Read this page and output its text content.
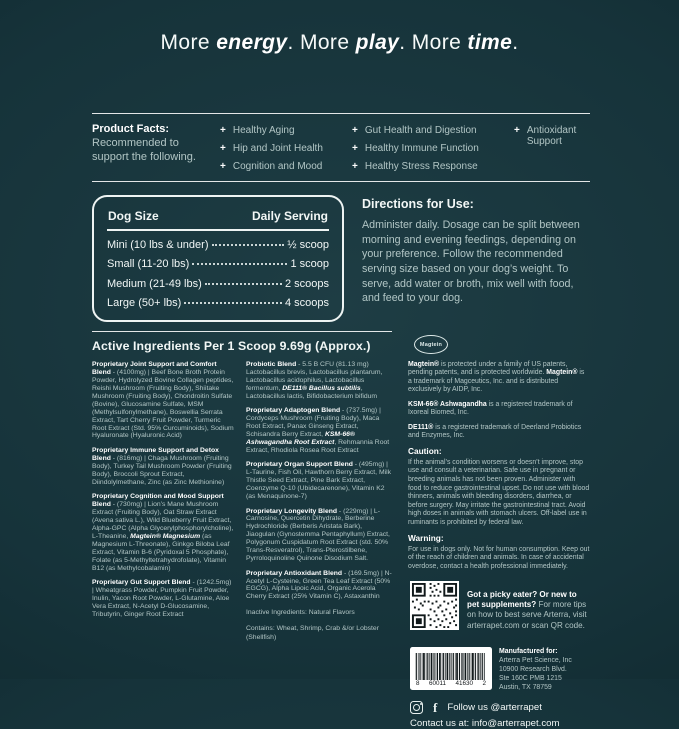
More energy. More play. More time.
Product Facts:
Recommended to support the following.
+ Healthy Aging
+ Hip and Joint Health
+ Cognition and Mood
+ Gut Health and Digestion
+ Healthy Immune Function
+ Healthy Stress Response
+ Antioxidant Support
Dog Size	Daily Serving
Mini (10 lbs & under)	½ scoop
Small (11-20 lbs)	1 scoop
Medium (21-49 lbs)	2 scoops
Large (50+ lbs)	4 scoops

Directions for Use:

Administer daily. Dosage can be split between morning and evening feedings, depending on your preference. Follow the recommended serving size based on your dog’s weight. To serve, add water or broth, mix well with food, and feed to your dog.

Active Ingredients Per 1 Scoop 9.69g (Approx.)

Proprietary Joint Support and Comfort Blend - (4100mg) | Beef Bone Broth Protein Powder, Hydrolyzed Bovine Collagen peptides, Reishi Mushroom (Fruiting Body), Shiitake Mushroom (Fruiting Body), Chondroitin Sulfate (Bovine), Glucosamine Sulfate, MSM (Methylsulfonylmethane), Boswellia Serrata Extract, Tart Cherry Fruit Powder, Turmeric Root Extract (Std. 95% Curcuminoids), Sodium Hyaluronate (Hyaluronic Acid)

Proprietary Immune Support and Detox Blend - (816mg) | Chaga Mushroom (Fruiting Body), Turkey Tail Mushroom Powder (Fruiting Body), Broccoli Sprout Extract, Diindolylmethane, Zinc (as Zinc Methionine)

Proprietary Cognition and Mood Support Blend - (730mg) | Lion’s Mane Mushroom Extract (Fruiting Body), Oat Straw Extract (Avena sativa L.), Wild Blueberry Fruit Extract, Alpha-GPC (Alpha Glycerylphosphorylcholine), L-Theanine, Magtein® Magnesium (as Magnesium L-Threonate), Ginkgo Biloba Leaf Extract, Vitamin B-6 (Pyridoxal 5 Phosphate), Folate (as 5-Methyltetrahydrofolate), Vitamin B12 (as Methylcobalamin)

Proprietary Gut Support Blend - (1242.5mg) | Wheatgrass Powder, Pumpkin Fruit Powder, Inulin, Yacon Root Powder, L-Glutamine, Aloe Vera Extract, N-Acetyl D-Glucosamine, Tributyrin, Ginger Root Extract

Probiotic Blend - 5.5 B CFU (81.13 mg) Lactobacillus brevis, Lactobacillus plantarum, Lactobacillus acidophilus, Lactobacillus fermentum, DE111® Bacillus subtilis, Lactobacillus lactis, Bifidobacterium bifidum

Proprietary Adaptogen Blend - (737.5mg) | Cordyceps Mushroom (Fruiting Body), Maca Root Extract, Panax Ginseng Extract, Schisandra Berry Extract, KSM-66® Ashwagandha Root Extract, Rehmannia Root Extract, Rhodiola Rosea Root Extract

Proprietary Organ Support Blend - (495mg) | L-Taurine, Fish Oil, Hawthorn Berry Extract, Milk Thistle Seed Extract, Pine Bark Extract, Coenzyme Q-10 (Ubidecarenone), Vitamin K2 (as Menaquinone-7)

Proprietary Longevity Blend - (229mg) | L-Carnosine, Quercetin Dihydrate, Berberine Hydrochloride (Berberis Aristata Bark), Jiaogulan (Gynostemma Pentaphyllum) Extract, Polygonum Cuspidatum Root Extract (std. 50% Trans-Resveratrol), Trans-Pterostilbene, Pyrroloquinoline Quinone Disodium Salt.

Proprietary Antioxidant Blend - (169.5mg) | N-Acetyl L-Cysteine, Green Tea Leaf Extract (50% EGCG), Alpha Lipoic Acid, Organic Acerola Cherry Extract (25% Vitamin C), Astaxanthin

Inactive Ingredients: Natural Flavors

Contains: Wheat, Shrimp, Crab &/or Lobster (Shellfish)

Magtein

Magtein® is protected under a family of US patents, pending patents, and is protected worldwide. Magtein® is a trademark of Magceutics, Inc. and is distributed exclusively by AIDP, Inc.

KSM-66® Ashwagandha is a registered trademark of Ixoreal Biomed, Inc.

DE111® is a registered trademark of Deerland Probiotics and Enzymes, Inc.

Caution:

If the animal’s condition worsens or doesn’t improve, stop use and consult a veterinarian. Safe use in pregnant or breeding animals has not been proven. Administer with food to reduce gastrointestinal upset. Do not use with blood thinners, animals with bleeding disorders, diarrhea, or before surgery. May irritate the gastrointestinal tract. Avoid high doses in animals with stomach ulcers. Off-label use in ruminants is prohibited by federal law.

Warning:

For use in dogs only. Not for human consumption. Keep out of the reach of children and animals. In case of accidental overdose, contact a health professional immediately.

Got a picky eater? Or new to pet supplements? For more tips on how to best serve Arterra, visit arterrapet.com or scan QR code.

8 60011 41630 2
Manufactured for:
Arterra Pet Science, Inc
10900 Research Blvd.
Ste 160C PMB 1215
Austin, TX 78759
f Follow us @arterrapet
Contact us at: info@arterrapet.com
